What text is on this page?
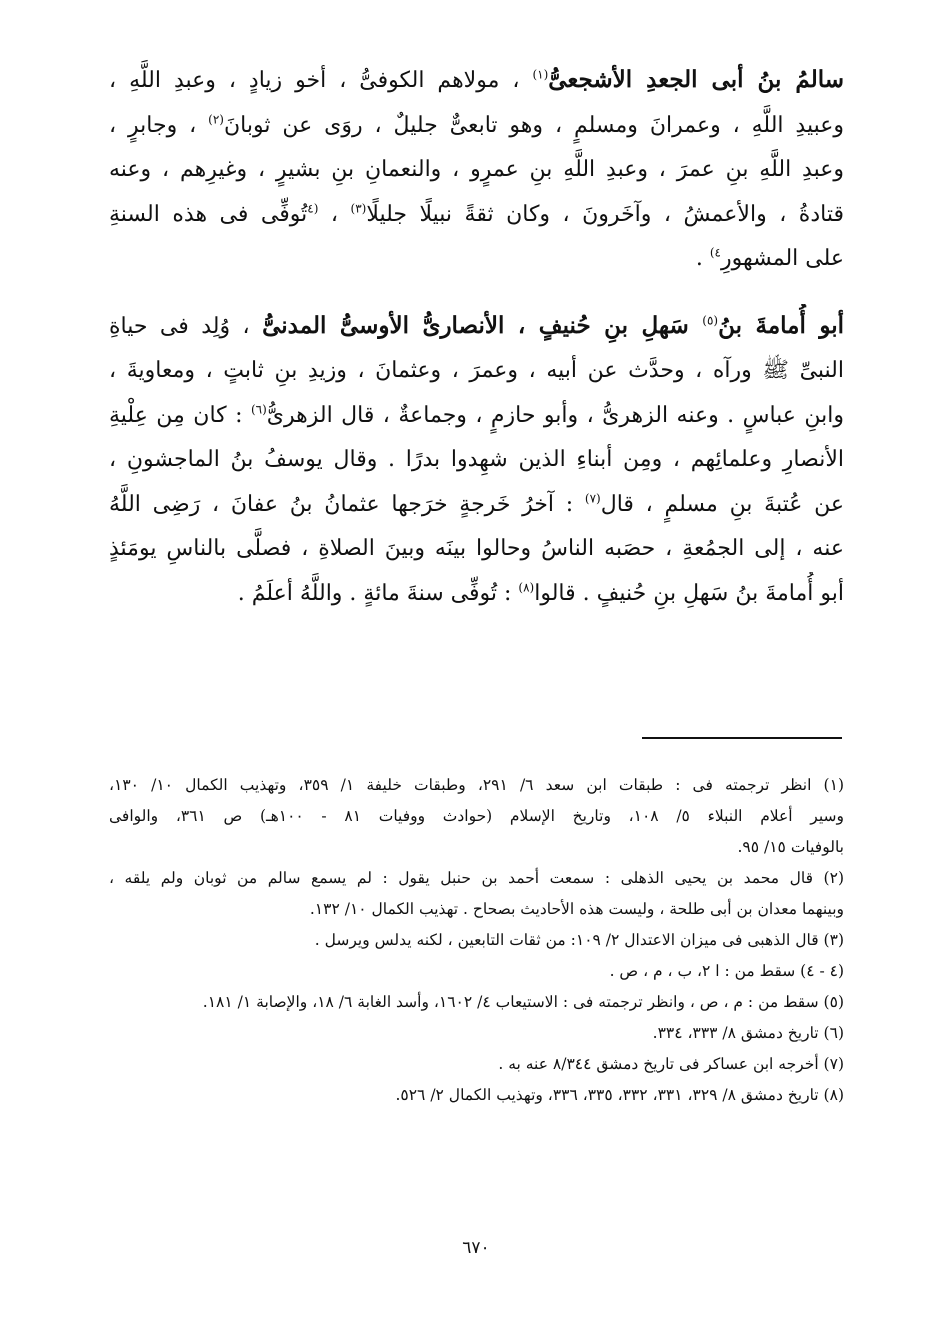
سالمُ بنُ أبى الجعدِ الأشجعىُّ$^{(١)}$ ، مولاهم الكوفىُّ ، أخو زيادٍ ، وعبدِ اللَّهِ ،
وعبيدِ اللَّهِ ، وعمرانَ ومسلمٍ ، وهو تابعىٌّ جليلٌ ، روَى عن ثوبانَ$^{(٢)}$ ، وجابرٍ ،
وعبدِ اللَّهِ بنِ عمرَ ، وعبدِ اللَّهِ بنِ عمرٍو ، والنعمانِ بنِ بشيرٍ ، وغيرِهم ، وعنه
قتادةُ ، والأعمشُ ، وآخَرونَ ، وكان ثقةً نبيلًا جليلًا$^{(٣)}$ ، $^{(٤}$تُوفِّى فى هذه السنةِ
على المشهورِ$^{٤)}$ .
أبو أُمامةَ بنُ$^{(٥)}$ سَهلِ بنِ حُنيفٍ ، الأنصارىُّ الأوسىُّ المدنىُّ ، وُلِد فى حياةِ
النبىِّ ﷺ ورآه ، وحدَّث عن أبيه ، وعمرَ ، وعثمانَ ، وزيدِ بنِ ثابتٍ ، ومعاويةَ ،
وابنِ عباسٍ . وعنه الزهرىُّ ، وأبو حازمٍ ، وجماعةٌ ، قال الزهرىُّ$^{(٦)}$ : كان مِن عِلْيةِ
الأنصارِ وعلمائِهم ، ومِن أبناءِ الذين شهِدوا بدرًا . وقال يوسفُ بنُ الماجشونِ ،
عن عُتبةَ بنِ مسلمٍ ، قال$^{(٧)}$ : آخرُ خَرجةٍ خرَجها عثمانُ بنُ عفانَ ، رَضِى اللَّهُ
عنه ، إلى الجمُعةِ ، حصَبه الناسُ وحالوا بينَه وبينَ الصلاةِ ، فصلَّى بالناسِ يومَئذٍ
أبو أُمامةَ بنُ سَهلِ بنِ حُنيفٍ . قالوا$^{(٨)}$ : تُوفِّى سنةَ مائةٍ . واللَّهُ أعلَمُ .
(١) انظر ترجمته فى : طبقات ابن سعد ٦/ ٢٩١، وطبقات خليفة ١/ ٣٥٩، وتهذيب الكمال ١٠/ ١٣٠،
وسير أعلام النبلاء ٥/ ١٠٨، وتاريخ الإسلام (حوادث ووفيات ٨١ - ١٠٠هـ) ص ٣٦١، والوافى
بالوفيات ١٥/ ٩٥.
(٢) قال محمد بن يحيى الذهلى : سمعت أحمد بن حنبل يقول : لم يسمع سالم من ثوبان ولم يلقه ،
وبينهما معدان بن أبى طلحة ، وليست هذه الأحاديث بصحاح . تهذيب الكمال ١٠/ ١٣٢.
(٣) قال الذهبى فى ميزان الاعتدال ٢/ ١٠٩: من ثقات التابعين ، لكنه يدلس ويرسل .
(٤ - ٤) سقط من : ا ٢، ب ، م ، ص .
(٥) سقط من : م ، ص ، وانظر ترجمته فى : الاستيعاب ٤/ ١٦٠٢، وأسد الغابة ٦/ ١٨، والإصابة ١/ ١٨١.
(٦) تاريخ دمشق ٨/ ٣٣٣، ٣٣٤.
(٧) أخرجه ابن عساكر فى تاريخ دمشق ٨/٣٤٤ عنه به .
(٨) تاريخ دمشق ٨/ ٣٢٩، ٣٣١، ٣٣٢، ٣٣٥، ٣٣٦، وتهذيب الكمال ٢/ ٥٢٦.
٦٧٠
